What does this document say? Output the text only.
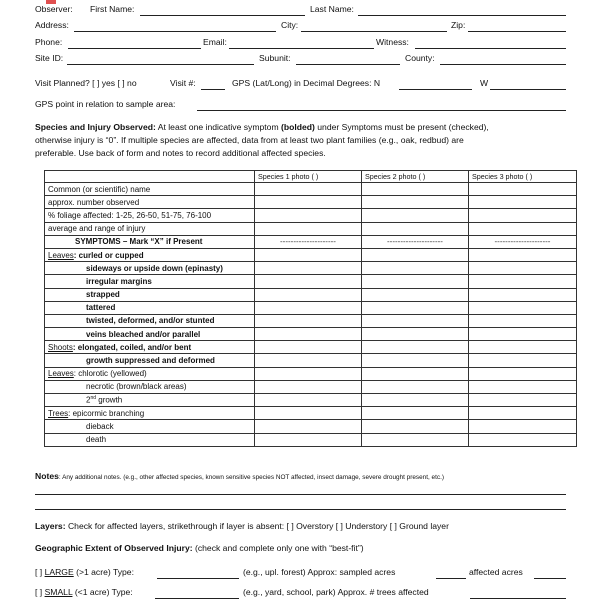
Observer: First Name:	Last Name:
Address:	City:	Zip:
Phone:	Email:	Witness:
Site ID:	Subunit:	County:
Visit Planned? [ ] yes [ ] no	Visit #:	GPS (Lat/Long) in Decimal Degrees: N	W
GPS point in relation to sample area:
Species and Injury Observed: At least one indicative symptom (bolded) under Symptoms must be present (checked),
otherwise injury is “0”. If multiple species are affected, data from at least two plant families (e.g., oak, redbud) are
preferable. Use back of form and notes to record additional affected species.
	Species 1 photo ( )	Species 2 photo ( )	Species 3 photo ( )
Common (or scientific) name			
approx. number observed			
% foliage affected: 1-25, 26-50, 51-75, 76-100			
average and range of injury			
SYMPTOMS – Mark “X” if Present	---------------------	---------------------	---------------------
Leaves: curled or cupped			
sideways or upside down (epinasty)			
irregular margins			
strapped			
tattered			
twisted, deformed, and/or stunted			
veins bleached and/or parallel			
Shoots: elongated, coiled, and/or bent			
growth suppressed and deformed			
Leaves: chlorotic (yellowed)			
necrotic (brown/black areas)			
2nd growth			
Trees: epicormic branching			
dieback			
death			
Notes: Any additional notes. (e.g., other affected species, known sensitive species NOT affected, insect damage, severe drought present, etc.)
Layers: Check for affected layers, strikethrough if layer is absent: [ ] Overstory [ ] Understory [ ] Ground layer
Geographic Extent of Observed Injury: (check and complete only one with “best-fit”)
[ ] LARGE (>1 acre) Type:	(e.g., upl. forest) Approx: sampled acres	affected acres
[ ] SMALL (<1 acre) Type:	(e.g., yard, school, park) Approx. # trees affected
